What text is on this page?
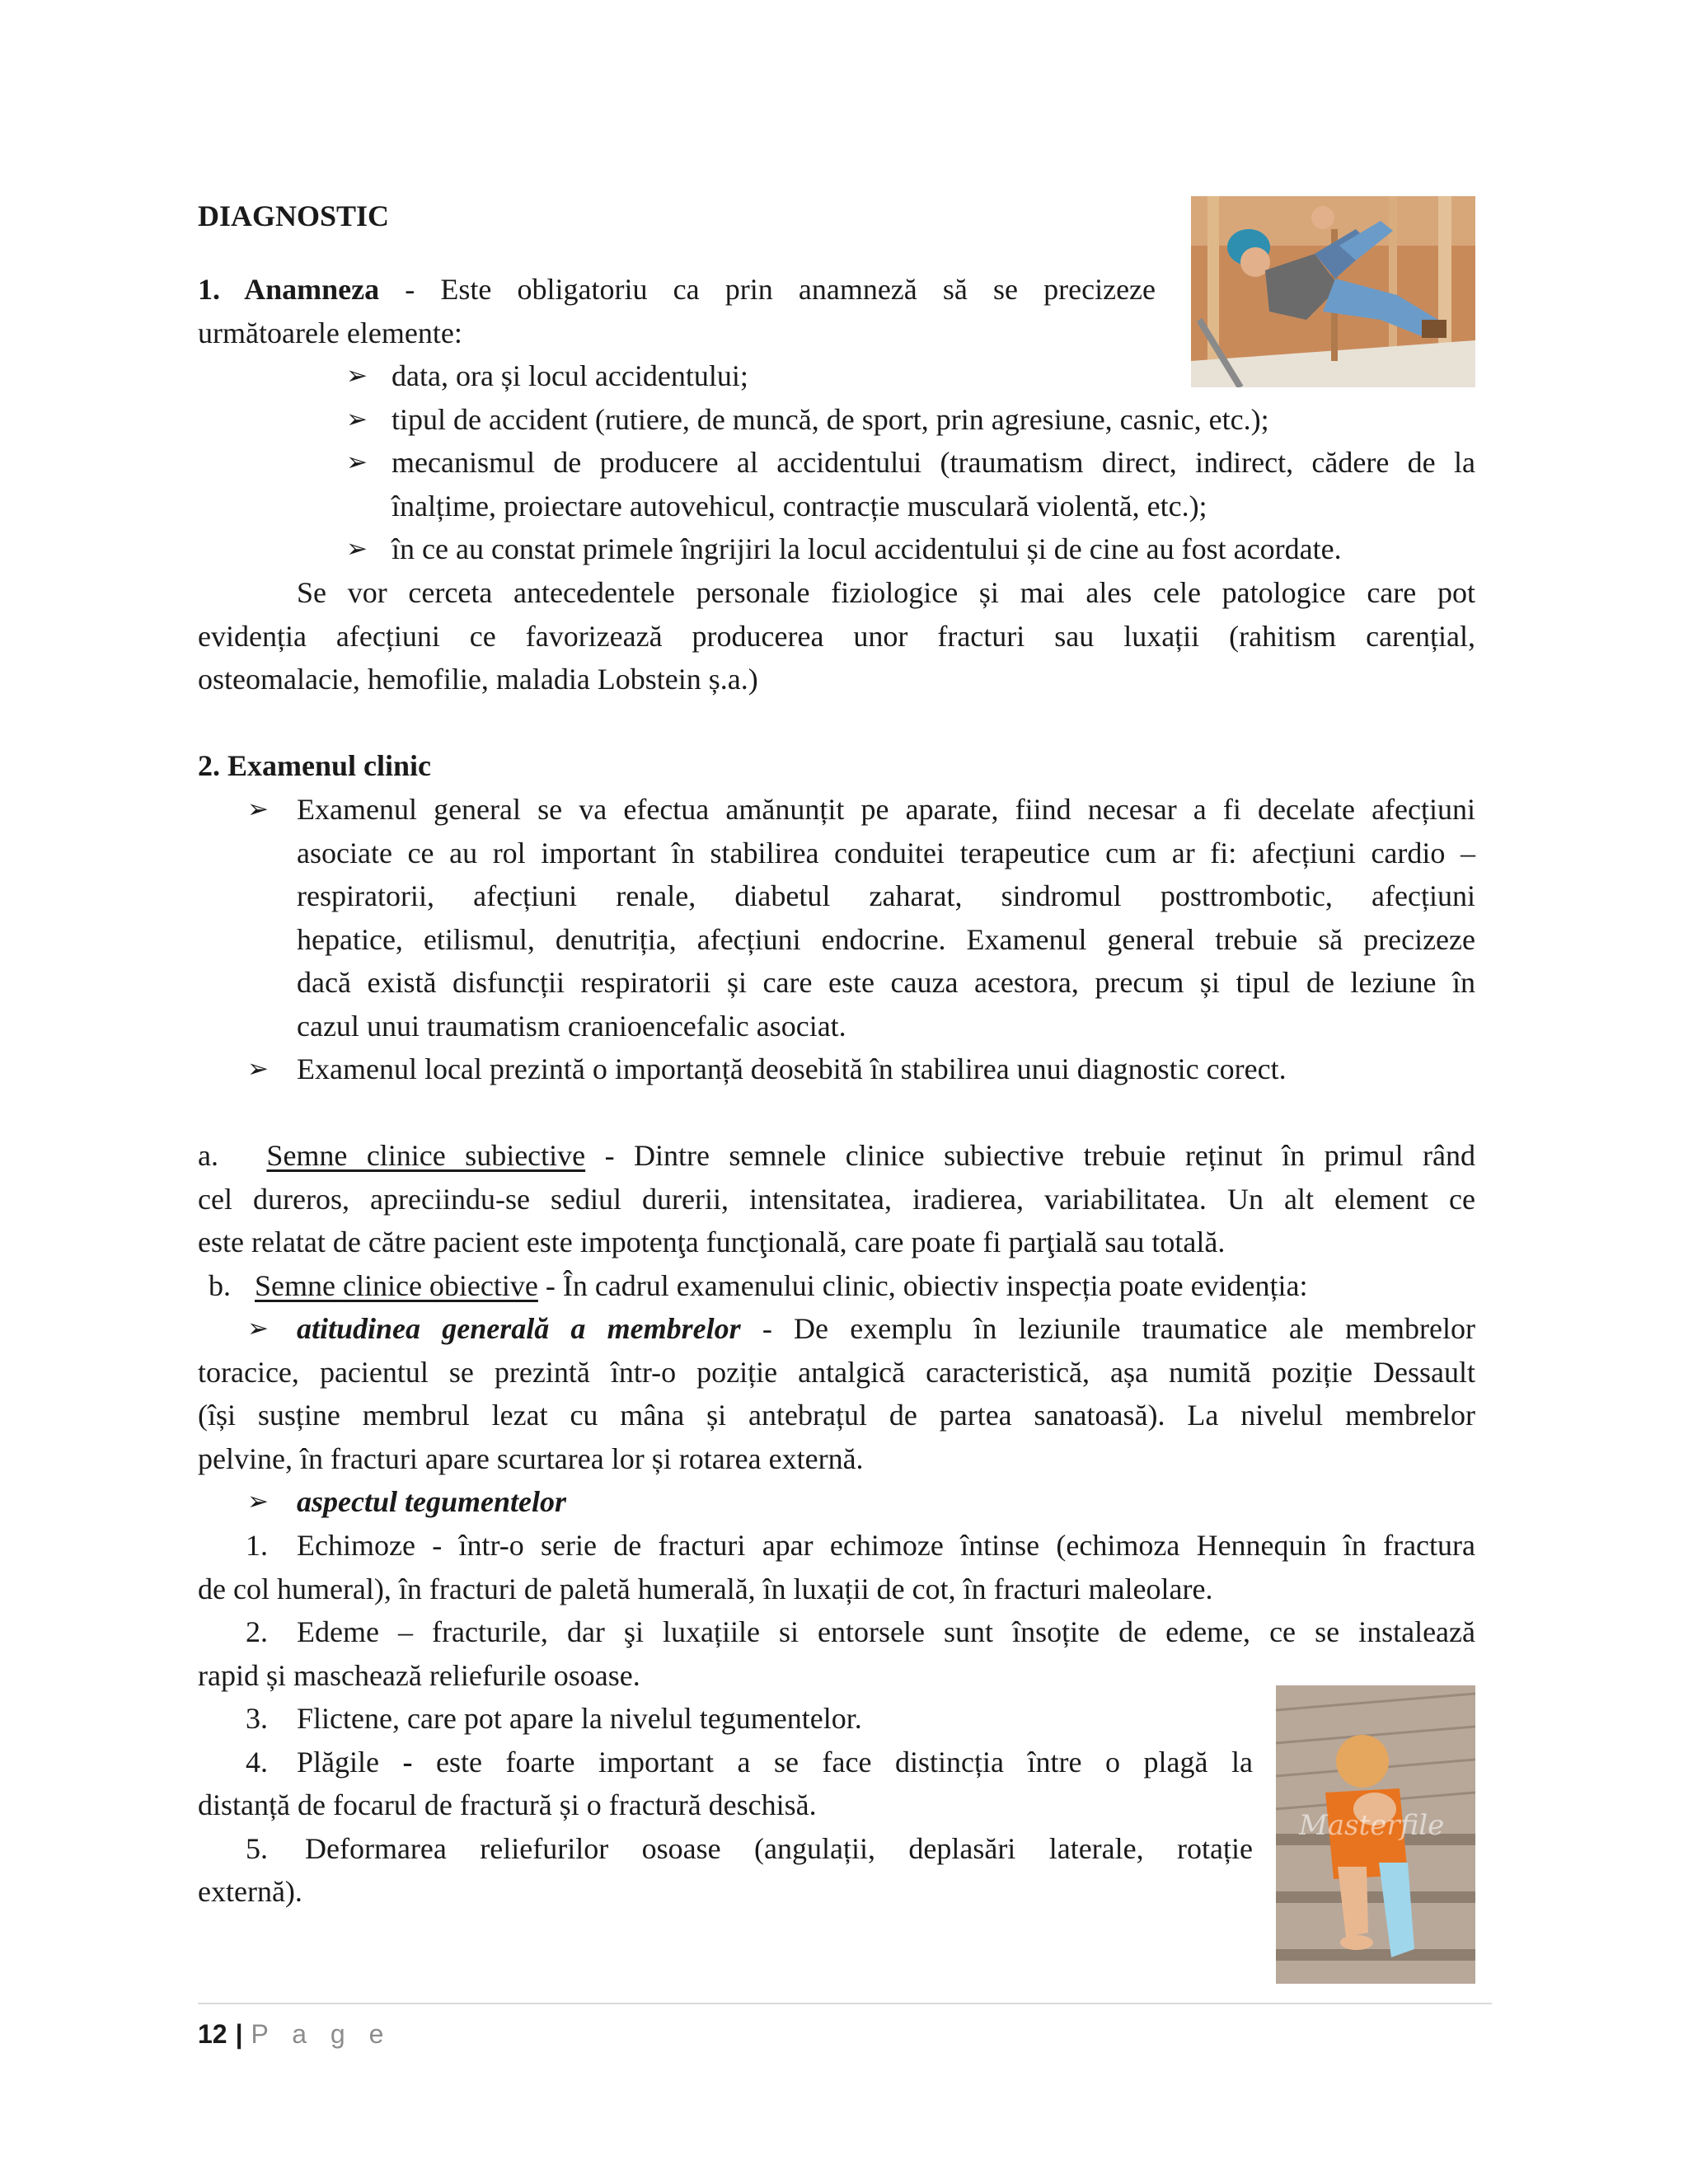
DIAGNOSTIC
1. Anamneza - Este obligatoriu ca prin anamneză să se precizeze
următoarele elemente:
➢ data, ora și locul accidentului;
➢ tipul de accident (rutiere, de muncă, de sport, prin agresiune, casnic, etc.);
➢ mecanismul de producere al accidentului (traumatism direct, indirect, cădere de la
înalțime, proiectare autovehicul, contracție musculară violentă, etc.);
➢ în ce au constat primele îngrijiri la locul accidentului și de cine au fost acordate.
Se vor cerceta antecedentele personale fiziologice și mai ales cele patologice care pot
evidenția afecțiuni ce favorizează producerea unor fracturi sau luxații (rahitism carențial,
osteomalacie, hemofilie, maladia Lobstein ș.a.)
2. Examenul clinic
➢ Examenul general se va efectua amănunțit pe aparate, fiind necesar a fi decelate afecțiuni
asociate ce au rol important în stabilirea conduitei terapeutice cum ar fi: afecțiuni cardio –
respiratorii, afecțiuni renale, diabetul zaharat, sindromul posttrombotic, afecțiuni
hepatice, etilismul, denutriția, afecțiuni endocrine. Examenul general trebuie să precizeze
dacă există disfuncții respiratorii și care este cauza acestora, precum și tipul de leziune în
cazul unui traumatism cranioencefalic asociat.
➢ Examenul local prezintă o importanță deosebită în stabilirea unui diagnostic corect.
a. Semne clinice subiective - Dintre semnele clinice subiective trebuie reținut în primul rând
cel dureros, apreciindu-se sediul durerii, intensitatea, iradierea, variabilitatea. Un alt element ce
este relatat de către pacient este impotenţa funcţională, care poate fi parţială sau totală.
b. Semne clinice obiective - În cadrul examenului clinic, obiectiv inspecția poate evidenția:
➢ atitudinea generală a membrelor - De exemplu în leziunile traumatice ale membrelor
toracice, pacientul se prezintă într-o poziție antalgică caracteristică, așa numită poziție Dessault
(își susține membrul lezat cu mâna și antebrațul de partea sanatoasă). La nivelul membrelor
pelvine, în fracturi apare scurtarea lor și rotarea externă.
➢ aspectul tegumentelor
1. Echimoze - într-o serie de fracturi apar echimoze întinse (echimoza Hennequin în fractura
de col humeral), în fracturi de paletă humerală, în luxații de cot, în fracturi maleolare.
2. Edeme – fracturile, dar şi luxațiile si entorsele sunt însoțite de edeme, ce se instalează
rapid și maschează reliefurile osoase.
3. Flictene, care pot apare la nivelul tegumentelor.
4. Plăgile - este foarte important a se face distincția între o plagă la
distanță de focarul de fractură și o fractură deschisă.
5. Deformarea reliefurilor osoase (angulații, deplasări laterale, rotație
externă).
Masterfile
12 | P a g e
